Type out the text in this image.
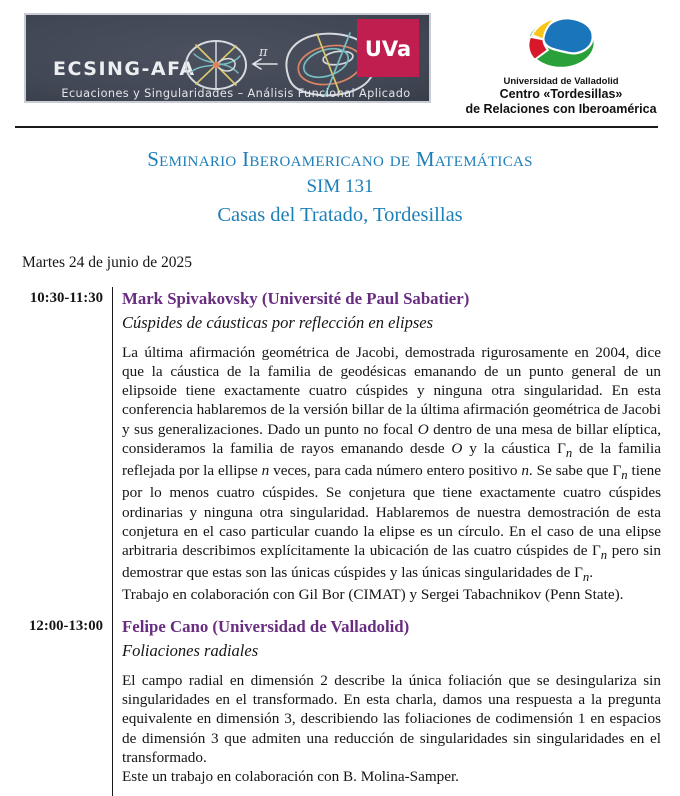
ECSING-AFA
π
Ecuaciones y Singularidades – Análisis Funcional Aplicado
UVa
Universidad de Valladolid
Centro «Tordesillas»
de Relaciones con Iberoamérica
Seminario Iberoamericano de Matemáticas
SIM 131
Casas del Tratado, Tordesillas
Martes 24 de junio de 2025
10:30-11:30	Mark Spivakovsky (Université de Paul Sabatier)
Cúspides de cáusticas por reflección en elipses

La última afirmación geométrica de Jacobi, demostrada rigurosamente en 2004, dice que la cáustica de la familia de geodésicas emanando de un punto general de un elipsoide tiene exactamente cuatro cúspides y ninguna otra singularidad. En esta conferencia hablaremos de la versión billar de la última afirmación geométrica de Jacobi y sus generalizaciones. Dado un punto no focal O dentro de una mesa de billar elíptica, consideramos la familia de rayos emanando desde O y la cáustica $\Gamma_n$ de la familia reflejada por la ellipse n veces, para cada número entero positivo n. Se sabe que $\Gamma_n$ tiene por lo menos cuatro cúspides. Se conjetura que tiene exactamente cuatro cúspides ordinarias y ninguna otra singularidad. Hablaremos de nuestra demostración de esta conjetura en el caso particular cuando la elipse es un círculo. En el caso de una elipse arbitraria describimos explícitamente la ubicación de las cuatro cúspides de $\Gamma_n$ pero sin demostrar que estas son las únicas cúspides y las únicas singularidades de $\Gamma_n$.
Trabajo en colaboración con Gil Bor (CIMAT) y Sergei Tabachnikov (Penn State).

12:00-13:00	Felipe Cano (Universidad de Valladolid)
Foliaciones radiales

El campo radial en dimensión 2 describe la única foliación que se desingulariza sin singularidades en el transformado. En esta charla, damos una respuesta a la pregunta equivalente en dimensión 3, describiendo las foliaciones de codimensión 1 en espacios de dimensión 3 que admiten una reducción de singularidades sin singularidades en el transformado.
Este un trabajo en colaboración con B. Molina-Samper.
